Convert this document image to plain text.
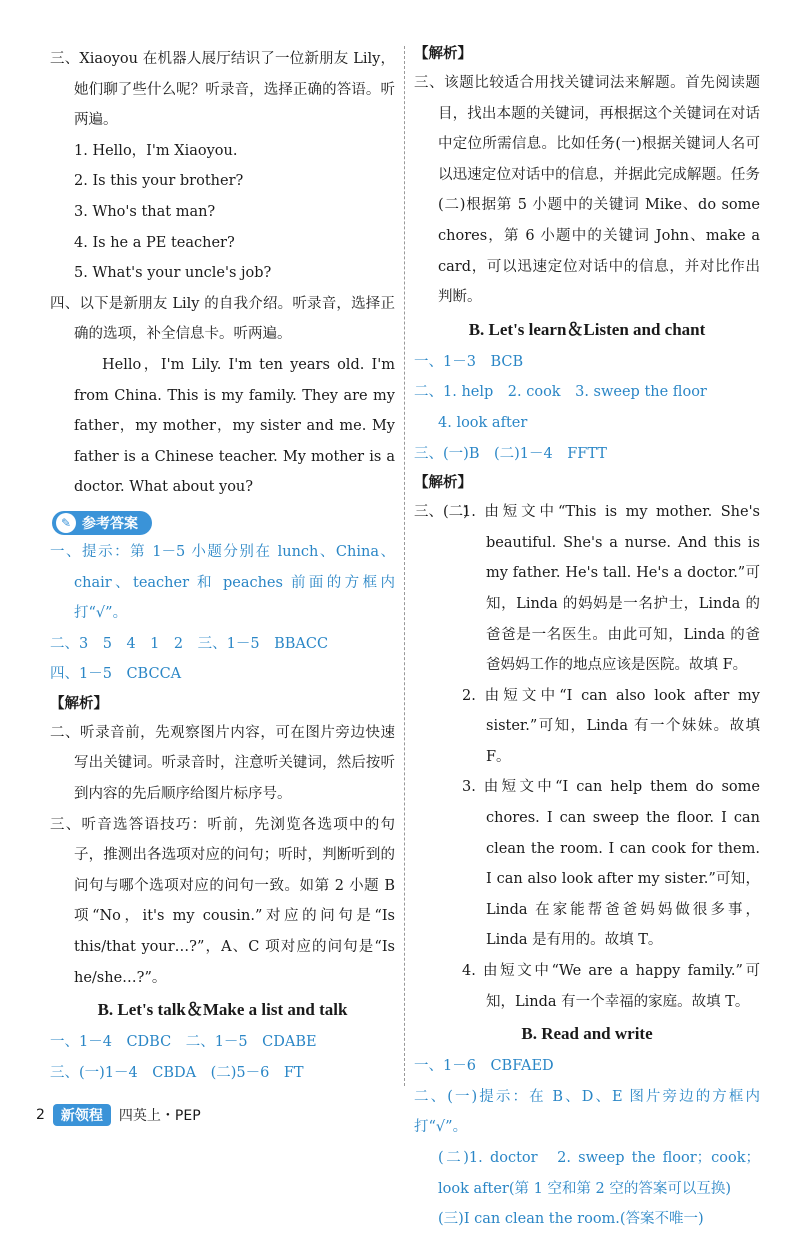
三、Xiaoyou 在机器人展厅结识了一位新朋友 Lily，她们聊了些什么呢？听录音，选择正确的答语。听两遍。

1. Hello，I'm Xiaoyou.

2. Is this your brother?

3. Who's that man?

4. Is he a PE teacher?

5. What's your uncle's job?

四、以下是新朋友 Lily 的自我介绍。听录音，选择正确的选项，补全信息卡。听两遍。

Hello，I'm Lily. I'm ten years old. I'm from China. This is my family. They are my father，my mother，my sister and me. My father is a Chinese teacher. My mother is a doctor. What about you?

✎ 参考答案

一、提示：第 1－5 小题分别在 lunch、China、chair、teacher 和 peaches 前面的方框内打“√”。

二、3　5　4　1　2　三、1－5　BBACC

四、1－5　CBCCA

【解析】

二、听录音前，先观察图片内容，可在图片旁边快速写出关键词。听录音时，注意听关键词，然后按听到内容的先后顺序给图片标序号。

三、听音选答语技巧：听前，先浏览各选项中的句子，推测出各选项对应的问句；听时，判断听到的问句与哪个选项对应的问句一致。如第 2 小题 B 项“No，it's my cousin.”对应的问句是“Is this/that your…?”，A、C 项对应的问句是“Is he/she…?”。

B. Let's talk＆Make a list and talk

一、1－4　CDBC　二、1－5　CDABE

三、(一)1－4　CBDA　(二)5－6　FT

【解析】

三、该题比较适合用找关键词法来解题。首先阅读题目，找出本题的关键词，再根据这个关键词在对话中定位所需信息。比如任务(一)根据关键词人名可以迅速定位对话中的信息，并据此完成解题。任务(二)根据第 5 小题中的关键词 Mike、do some chores，第 6 小题中的关键词 John、make a card，可以迅速定位对话中的信息，并对比作出判断。

B. Let's learn＆Listen and chant

一、1－3　BCB

二、1. help　2. cook　3. sweep the floor

4. look after

三、(一)B　(二)1－4　FFTT

【解析】

三、(二)

1. 由短文中“This is my mother. She's beautiful. She's a nurse. And this is my father. He's tall. He's a doctor.”可知，Linda 的妈妈是一名护士，Linda 的爸爸是一名医生。由此可知，Linda 的爸爸妈妈工作的地点应该是医院。故填 F。

2. 由短文中“I can also look after my sister.”可知，Linda 有一个妹妹。故填 F。

3. 由短文中“I can help them do some chores. I can sweep the floor. I can clean the room. I can cook for them. I can also look after my sister.”可知，Linda 在家能帮爸爸妈妈做很多事，Linda 是有用的。故填 T。

4. 由短文中“We are a happy family.”可知，Linda 有一个幸福的家庭。故填 T。

B. Read and write

一、1－6　CBFAED

二、(一)提示：在 B、D、E 图片旁边的方框内打“√”。

(二)1. doctor　2. sweep the floor；cook；look after(第 1 空和第 2 空的答案可以互换)

(三)I can clean the room.(答案不唯一)

2	新领程	四英上・PEP
